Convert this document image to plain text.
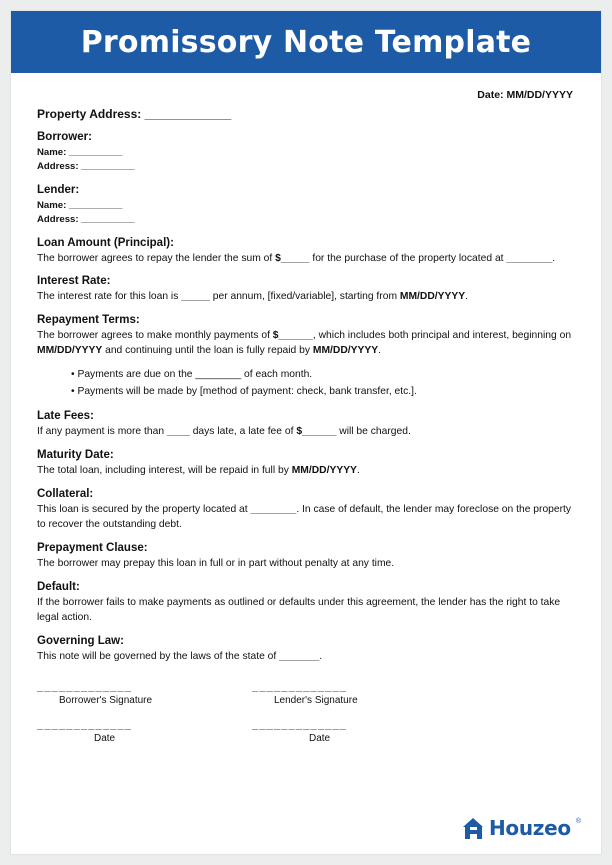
Promissory Note Template
Date: MM/DD/YYYY
Property Address: _____________
Borrower:

Name: __________

Address: __________

Lender:

Name: __________

Address: __________

Loan Amount (Principal):

The borrower agrees to repay the lender the sum of $_____ for the purchase of the property located at ________.

Interest Rate:

The interest rate for this loan is _____ per annum, [fixed/variable], starting from MM/DD/YYYY.

Repayment Terms:

The borrower agrees to make monthly payments of $______, which includes both principal and interest, beginning on MM/DD/YYYY and continuing until the loan is fully repaid by MM/DD/YYYY.

• Payments are due on the ________ of each month.
• Payments will be made by [method of payment: check, bank transfer, etc.].
Late Fees:

If any payment is more than ____ days late, a late fee of $______ will be charged.

Maturity Date:

The total loan, including interest, will be repaid in full by MM/DD/YYYY.

Collateral:

This loan is secured by the property located at ________. In case of default, the lender may foreclose on the property to recover the outstanding debt.

Prepayment Clause:

The borrower may prepay this loan in full or in part without penalty at any time.

Default:

If the borrower fails to make payments as outlined or defaults under this agreement, the lender has the right to take legal action.

Governing Law:

This note will be governed by the laws of the state of _______.

_____________
Borrower's Signature
_____________
Date
_____________
Lender's Signature
_____________
Date
Houzeo ®
